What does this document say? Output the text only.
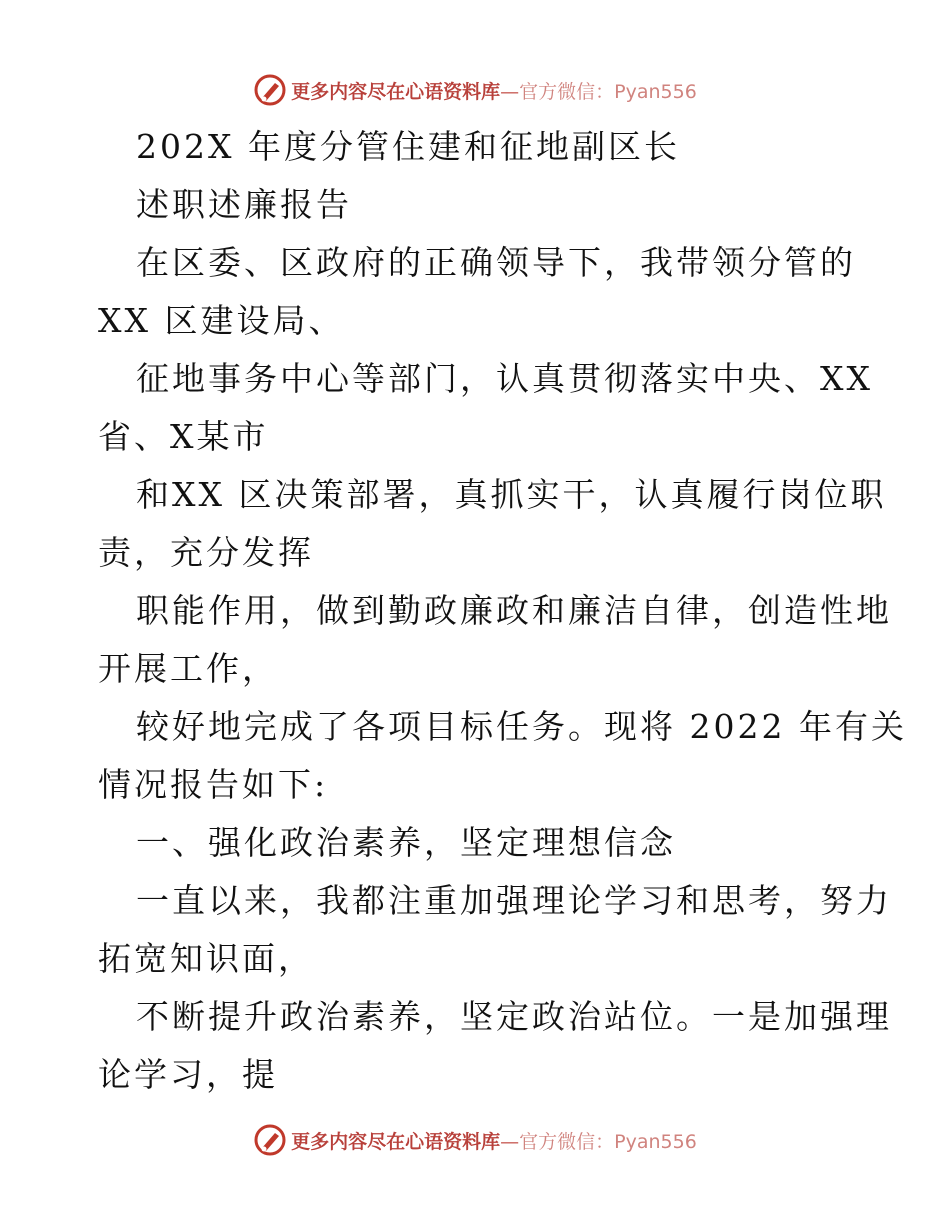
更多内容尽在心语资料库—官方微信：Pyan556
202X 年度分管住建和征地副区长
述职述廉报告
在区委、区政府的正确领导下，我带领分管的
XX 区建设局、
征地事务中心等部门，认真贯彻落实中央、XX
省、X某市
和XX 区决策部署，真抓实干，认真履行岗位职
责，充分发挥
职能作用，做到勤政廉政和廉洁自律，创造性地
开展工作，
较好地完成了各项目标任务。现将 2022 年有关
情况报告如下:
一、强化政治素养，坚定理想信念
一直以来，我都注重加强理论学习和思考，努力
拓宽知识面，
不断提升政治素养，坚定政治站位。一是加强理
论学习，提
更多内容尽在心语资料库—官方微信：Pyan556
